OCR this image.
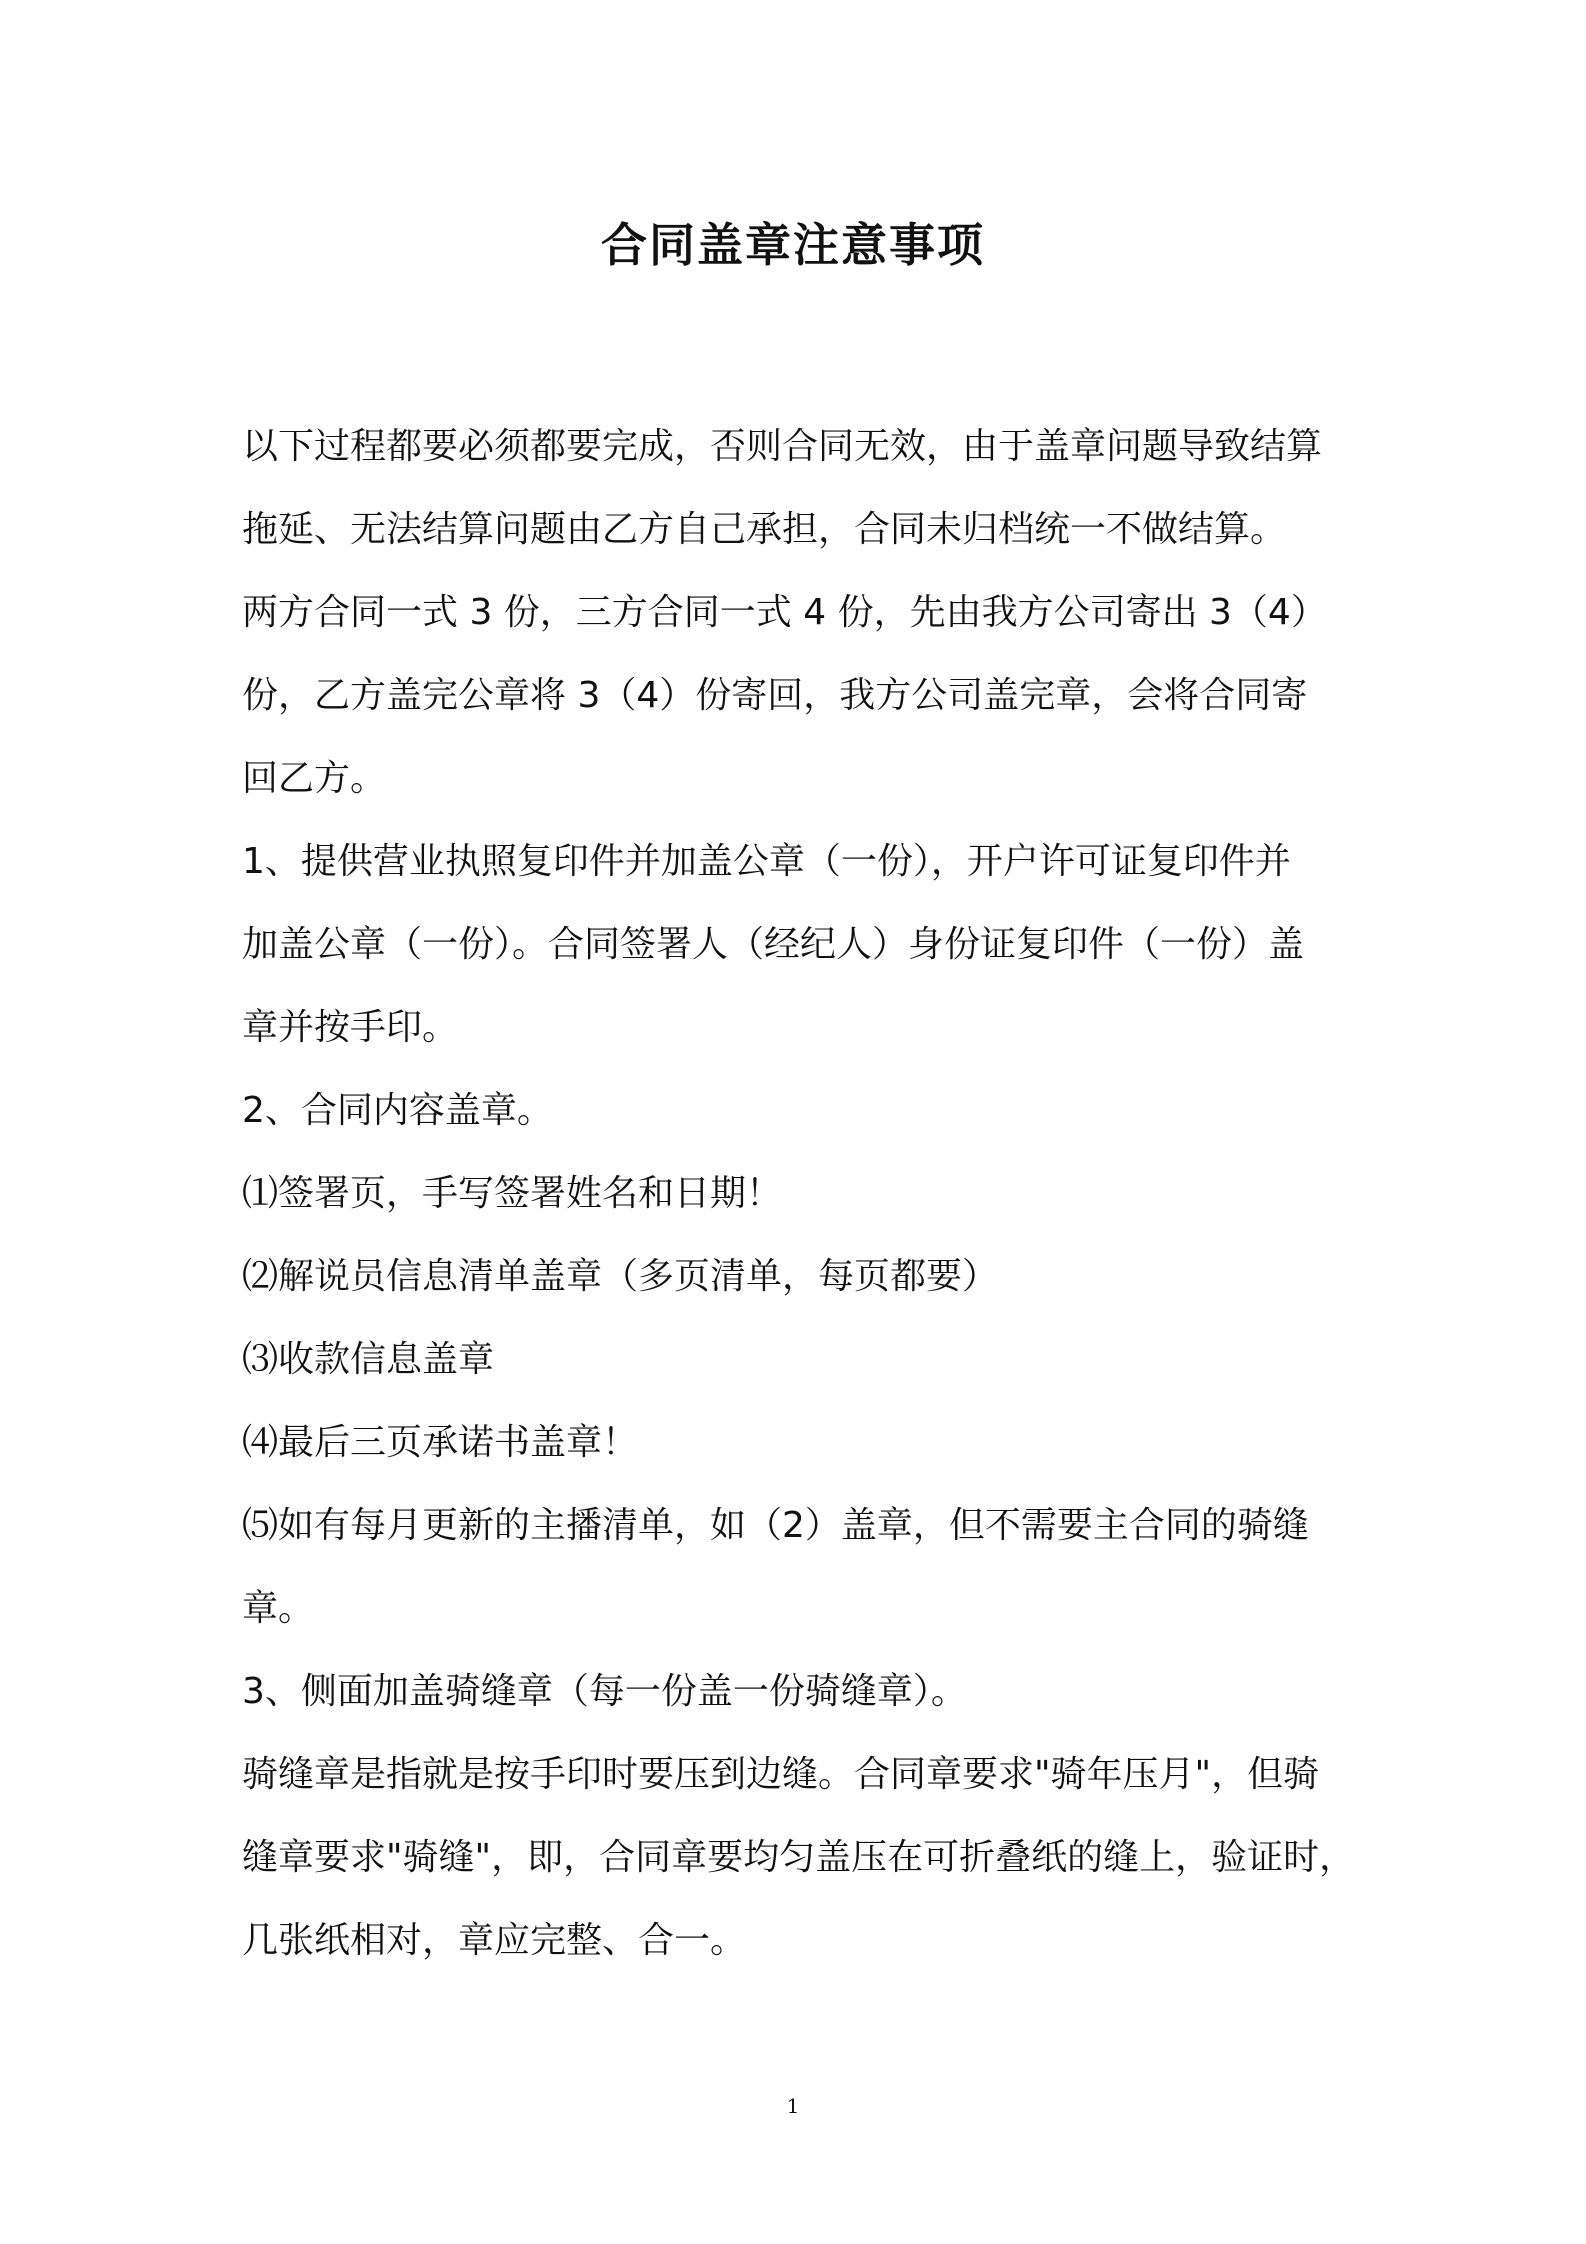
合同盖章注意事项

以下过程都要必须都要完成，否则合同无效，由于盖章问题导致结算

拖延、无法结算问题由乙方自己承担，合同未归档统一不做结算。

两方合同一式 3 份，三方合同一式 4 份，先由我方公司寄出 3（4）

份，乙方盖完公章将 3（4）份寄回，我方公司盖完章，会将合同寄

回乙方。

1、提供营业执照复印件并加盖公章（一份），开户许可证复印件并

加盖公章（一份）。合同签署人（经纪人）身份证复印件（一份）盖

章并按手印。

2、合同内容盖章。

⑴签署页，手写签署姓名和日期！

⑵解说员信息清单盖章（多页清单，每页都要）

⑶收款信息盖章

⑷最后三页承诺书盖章！

⑸如有每月更新的主播清单，如（2）盖章，但不需要主合同的骑缝

章。

3、侧面加盖骑缝章（每一份盖一份骑缝章）。

骑缝章是指就是按手印时要压到边缝。合同章要求"骑年压月"，但骑

缝章要求"骑缝"，即，合同章要均匀盖压在可折叠纸的缝上，验证时，

几张纸相对，章应完整、合一。

1
